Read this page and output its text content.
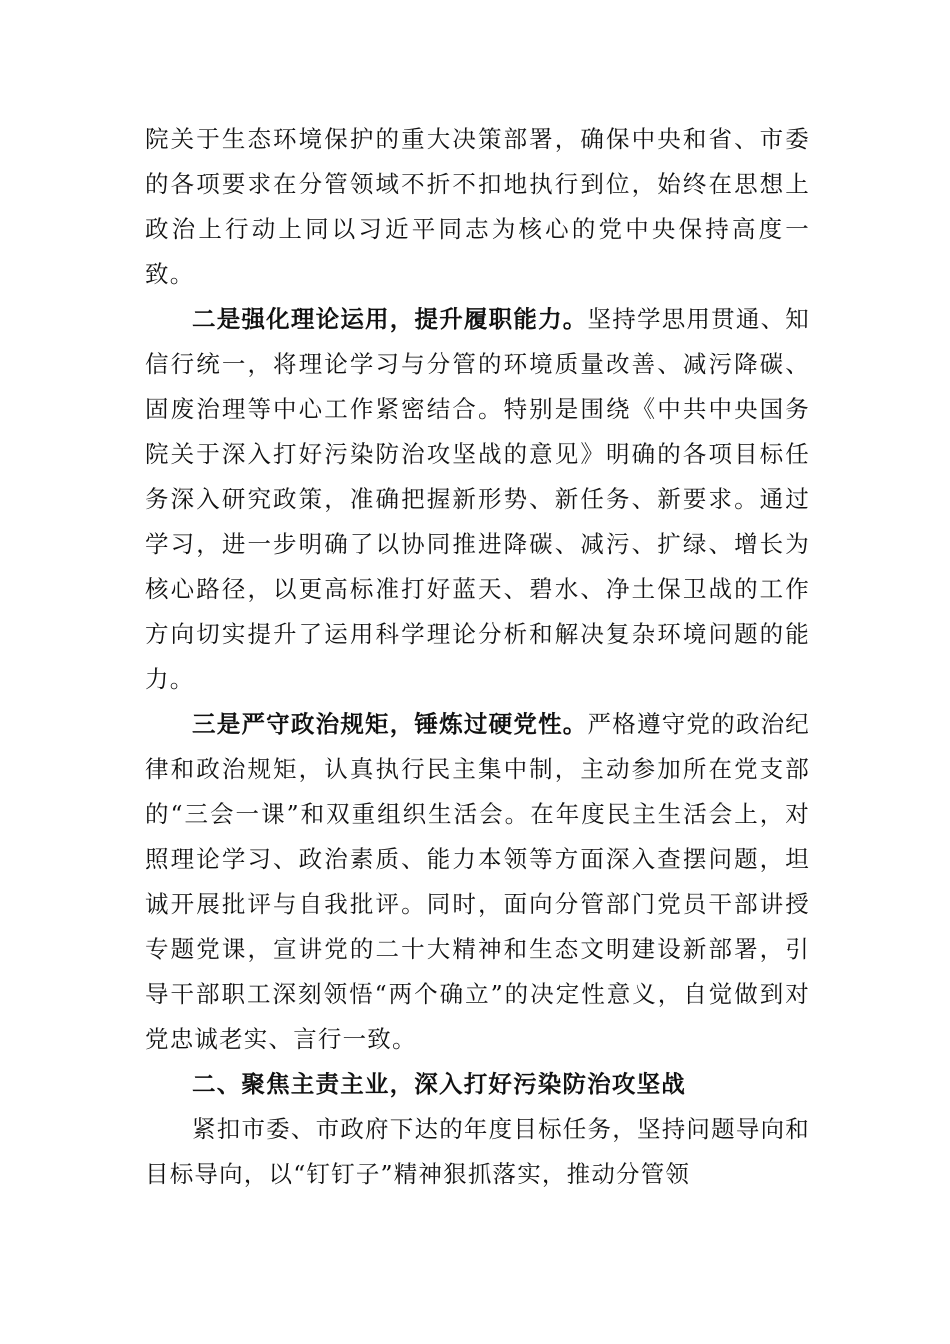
院关于生态环境保护的重大决策部署，确保中央和省、市委的各项要求在分管领域不折不扣地执行到位，始终在思想上政治上行动上同以习近平同志为核心的党中央保持高度一致。

二是强化理论运用，提升履职能力。坚持学思用贯通、知信行统一，将理论学习与分管的环境质量改善、减污降碳、固废治理等中心工作紧密结合。特别是围绕《中共中央国务院关于深入打好污染防治攻坚战的意见》明确的各项目标任务深入研究政策，准确把握新形势、新任务、新要求。通过学习，进一步明确了以协同推进降碳、减污、扩绿、增长为核心路径，以更高标准打好蓝天、碧水、净土保卫战的工作方向切实提升了运用科学理论分析和解决复杂环境问题的能力。

三是严守政治规矩，锤炼过硬党性。严格遵守党的政治纪律和政治规矩，认真执行民主集中制，主动参加所在党支部的“三会一课”和双重组织生活会。在年度民主生活会上，对照理论学习、政治素质、能力本领等方面深入查摆问题，坦诚开展批评与自我批评。同时，面向分管部门党员干部讲授专题党课，宣讲党的二十大精神和生态文明建设新部署，引导干部职工深刻领悟“两个确立”的决定性意义，自觉做到对党忠诚老实、言行一致。

二、聚焦主责主业，深入打好污染防治攻坚战

紧扣市委、市政府下达的年度目标任务，坚持问题导向和目标导向，以“钉钉子”精神狠抓落实，推动分管领
